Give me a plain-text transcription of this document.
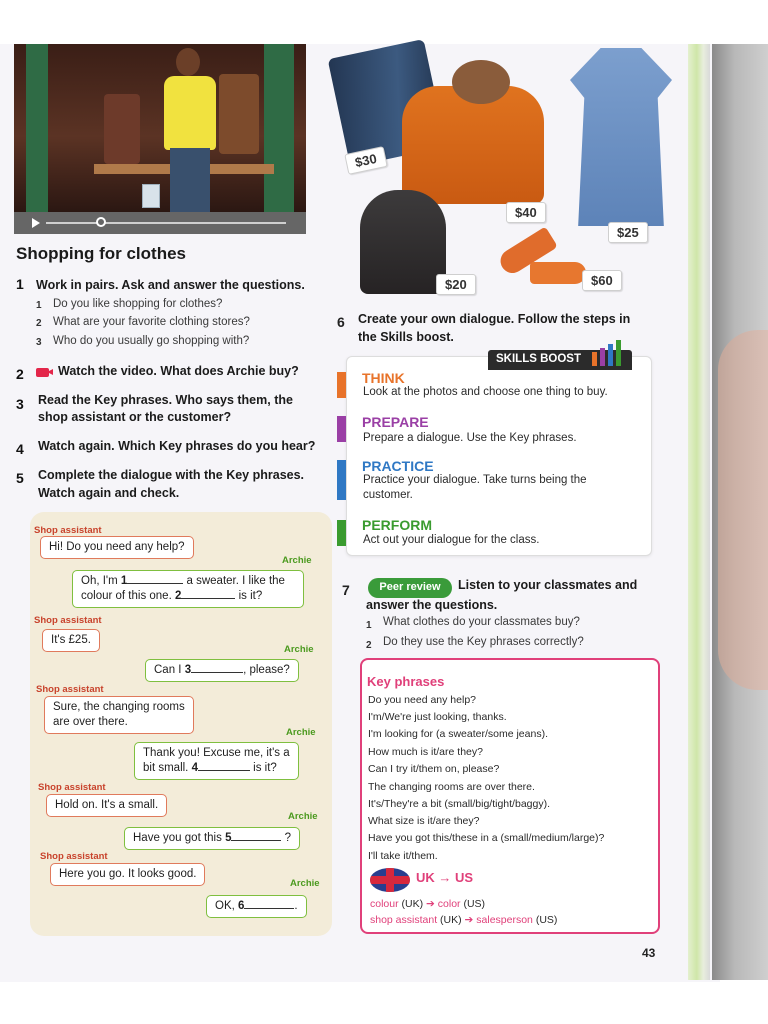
Shopping for clothes
1 Work in pairs. Ask and answer the questions.
1 Do you like shopping for clothes?
2 What are your favorite clothing stores?
3 Who do you usually go shopping with?
2	Watch the video. What does Archie buy?
3 Read the Key phrases. Who says them, the
shop assistant or the customer?
4 Watch again. Which Key phrases do you hear?
5 Complete the dialogue with the Key phrases.
Watch again and check.
Shop assistant
Hi! Do you need any help?
Archie
Oh, I'm 1	a sweater. I like the
colour of this one. 2	is it?
Shop assistant
It's £25.
Archie
Can I 3	, please?
Shop assistant
Sure, the changing rooms
are over there.
Archie
Thank you! Excuse me, it's a
bit small. 4	is it?
Shop assistant
Hold on. It's a small.
Archie
Have you got this 5	?
Shop assistant
Here you go. It looks good.
Archie
OK, 6	.
$30
$40
$25
$20	$60
6 Create your own dialogue. Follow the steps in
the Skills boost.
SKILLS BOOST
THINK
Look at the photos and choose one thing to buy.
PREPARE
Prepare a dialogue. Use the Key phrases.
PRACTICE
Practice your dialogue. Take turns being the customer.
PERFORM
Act out your dialogue for the class.
7	Peer review	Listen to your classmates and
answer the questions.
1 What clothes do your classmates buy?
2 Do they use the Key phrases correctly?
Key phrases
Do you need any help?
I'm/We're just looking, thanks.
I'm looking for (a sweater/some jeans).
How much is it/are they?
Can I try it/them on, please?
The changing rooms are over there.
It's/They're a bit (small/big/tight/baggy).
What size is it/are they?
Have you got this/these in a (small/medium/large)?
I'll take it/them.
UK → US
colour (UK) ➔ color (US)
shop assistant (UK) ➔ salesperson (US)
43
